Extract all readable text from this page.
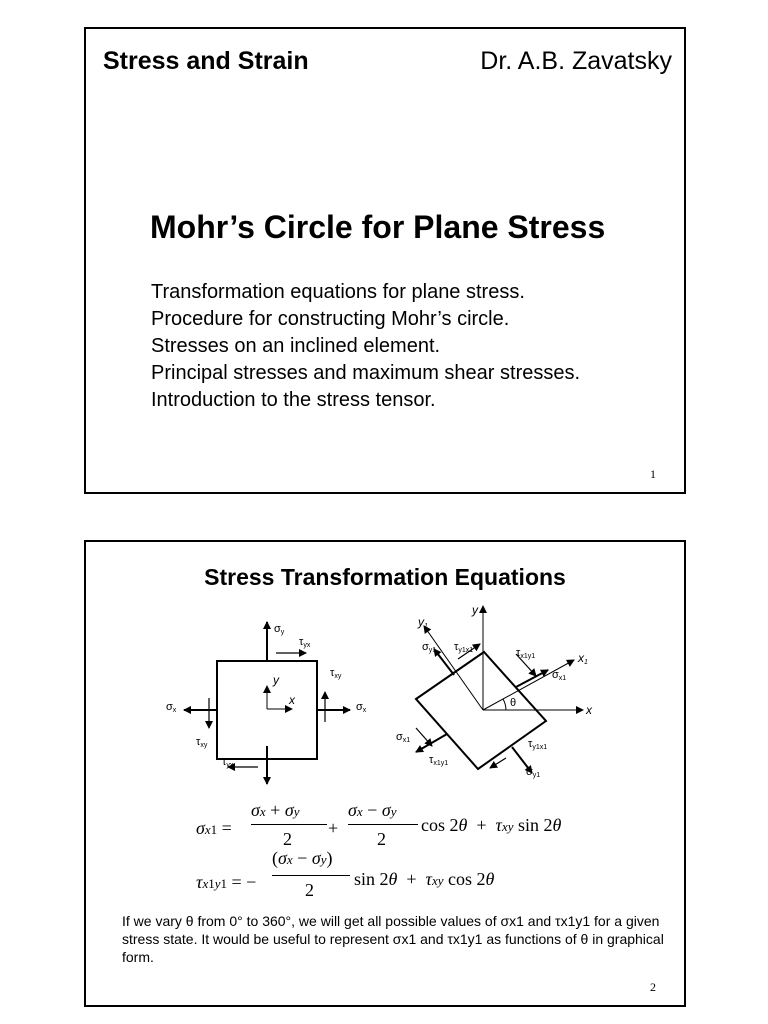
Stress and Strain	Dr. A.B. Zavatsky
Mohr’s Circle for Plane Stress
Transformation equations for plane stress.
Procedure for constructing Mohr’s circle.
Stresses on an inclined element.
Principal stresses and maximum shear stresses.
Introduction to the stress tensor.
1
Stress Transformation Equations
y
x
σy
τyx
τxy
σx
σx
τxy
τyx
θ
y
y1
x1
x
σy1 τy1x1	τx1y1
σx1
σx1	τy1x1
τx1y1
σy1
σx1 =
σx + σy
2
+
σx − σy
2
cos 2θ  +  τxy sin 2θ
τx1y1 = −
(σx − σy)
2
sin 2θ  +  τxy cos 2θ
If we vary θ from 0° to 360°, we will get all possible values of σx1 and τx1y1 for a given stress state. It would be useful to represent σx1 and τx1y1 as functions of θ in graphical form.
2
